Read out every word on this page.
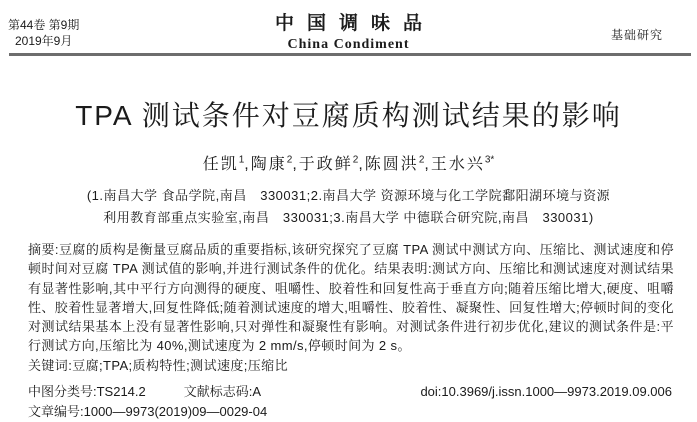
第44卷 第9期
2019年9月
中国调味品
China Condiment
基础研究
TPA 测试条件对豆腐质构测试结果的影响
任凯$^1$,陶康$^2$,于政鲜$^2$,陈圆洪$^2$,王水兴$^{3*}$
(1.南昌大学 食品学院,南昌　330031;2.南昌大学 资源环境与化工学院鄱阳湖环境与资源
利用教育部重点实验室,南昌　330031;3.南昌大学 中德联合研究院,南昌　330031)

摘要:豆腐的质构是衡量豆腐品质的重要指标,该研究探究了豆腐 TPA 测试中测试方向、压缩比、测试速度和停顿时间对豆腐 TPA 测试值的影响,并进行测试条件的优化。结果表明:测试方向、压缩比和测试速度对测试结果有显著性影响,其中平行方向测得的硬度、咀嚼性、胶着性和回复性高于垂直方向;随着压缩比增大,硬度、咀嚼性、胶着性显著增大,回复性降低;随着测试速度的增大,咀嚼性、胶着性、凝聚性、回复性增大;停顿时间的变化对测试结果基本上没有显著性影响,只对弹性和凝聚性有影响。对测试条件进行初步优化,建议的测试条件是:平行测试方向,压缩比为 40%,测试速度为 2 mm/s,停顿时间为 2 s。

关键词:豆腐;TPA;质构特性;测试速度;压缩比

中图分类号:TS214.2	文献标志码:A	doi:10.3969/j.issn.1000—9973.2019.09.006
文章编号:1000—9973(2019)09—0029-04
